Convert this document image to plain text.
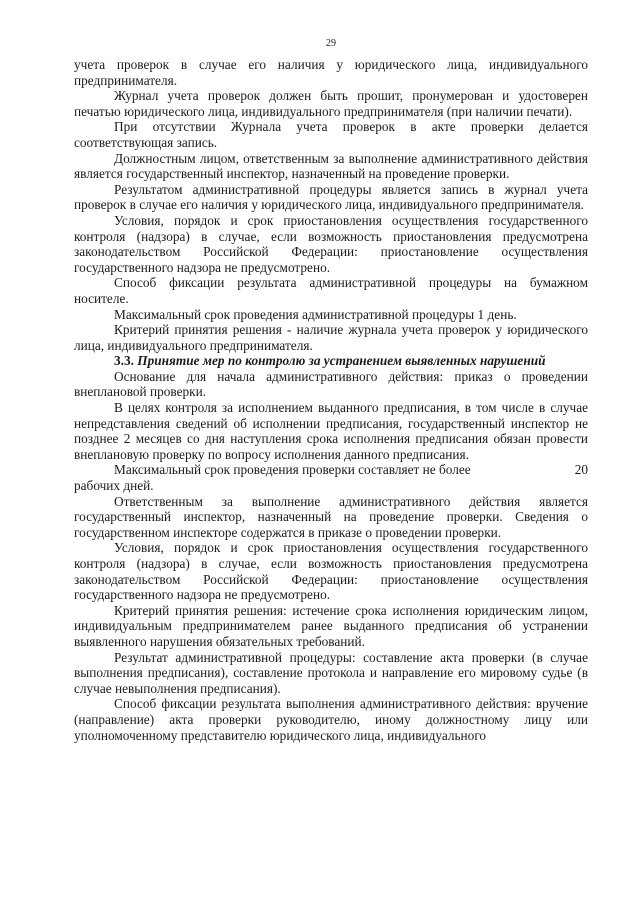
29

учета проверок в случае его наличия у юридического лица, индивидуального предпринимателя.

Журнал учета проверок должен быть прошит, пронумерован и удостоверен печатью юридического лица, индивидуального предпринимателя (при наличии печати).

При отсутствии Журнала учета проверок в акте проверки делается соответствующая запись.

Должностным лицом, ответственным за выполнение административного действия является государственный инспектор, назначенный на проведение проверки.

Результатом административной процедуры является запись в журнал учета проверок в случае его наличия у юридического лица, индивидуального предпринимателя.

Условия, порядок и срок приостановления осуществления государственного контроля (надзора) в случае, если возможность приостановления предусмотрена законодательством Российской Федерации: приостановление осуществления государственного надзора не предусмотрено.

Способ фиксации результата административной процедуры на бумажном носителе.

Максимальный срок проведения административной процедуры 1 день.

Критерий принятия решения - наличие журнала учета проверок у юридического лица, индивидуального предпринимателя.

3.3. Принятие мер по контролю за устранением выявленных нарушений

Основание для начала административного действия: приказ о проведении внеплановой проверки.

В целях контроля за исполнением выданного предписания, в том числе в случае непредставления сведений об исполнении предписания, государственный инспектор не позднее 2 месяцев со дня наступления срока исполнения предписания обязан провести внеплановую проверку по вопросу исполнения данного предписания.

Максимальный срок проведения проверки составляет не более	20

рабочих дней.

Ответственным за выполнение административного действия является государственный инспектор, назначенный на проведение проверки. Сведения о государственном инспекторе содержатся в приказе о проведении проверки.

Условия, порядок и срок приостановления осуществления государственного контроля (надзора) в случае, если возможность приостановления предусмотрена законодательством Российской Федерации: приостановление осуществления государственного надзора не предусмотрено.

Критерий принятия решения: истечение срока исполнения юридическим лицом, индивидуальным предпринимателем ранее выданного предписания об устранении выявленного нарушения обязательных требований.

Результат административной процедуры: составление акта проверки (в случае выполнения предписания), составление протокола и направление его мировому судье (в случае невыполнения предписания).

Способ фиксации результата выполнения административного действия: вручение (направление) акта проверки руководителю, иному должностному лицу или уполномоченному представителю юридического лица, индивидуального
